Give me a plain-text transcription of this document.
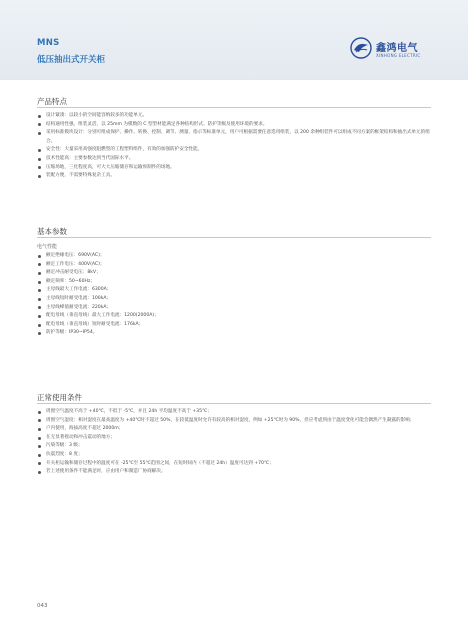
MNS
低压抽出式开关柜
鑫鸿电气
XINHONG ELECTRIC
产品特点
设计紧凑：以较小的空间能容纳较多的功能单元。
结构通用性强，组装灵活，以 25mm 为模数的 C 型型材能满足各种结构形式、防护等级及使用环境的要求。
采用标准模块设计：分别可组成保护、操作、转换、控制、调节、测量、指示等标准单元，用户可根据需要任意选用组装，以 200 余种组装件可以组成不同方案的框架结构和抽出式单元的组合。
安全性：大量采用高强度阻燃型的工程塑料组件，有效的加强防护安全性能。
技术性能高：主要参数达到当代国际水平。
压缩场地，三化程度高，可大大压缩储存和运输预制件的场地。
装配方便，不需要特殊复杂工具。
基本参数
电气性能
额定绝缘电压：690V(AC)；
额定工作电压：400V(AC)；
额定冲击耐受电压：8kV；
额定频率：50~60Hz；
主母线最大工作电流：6300A；
主母线短时耐受电流：100kA；
主母线峰值耐受电流：220kA；
配电母线（垂直母线）最大工作电流：1200(2000A)；
配电母线（垂直母线）短时耐受电流：176kA；
防护等级：IP30~IP54。
正常使用条件
周围空气温度不高于 +40℃，不低于 -5℃，并且 24h 平均温度不高于 +35℃；
周围空气湿度：相对湿度在最高温度为 +40℃时不超过 50%，在较低温度时允许有较高的相对湿度，例如 +25℃时为 90%，但应考虑到由于温度变化可能会偶然产生凝露的影响；
户内使用，海拔高度不超过 2000m；
在无显著摇动和冲击震动的地方；
污染等级：3 级；
抗震烈度：8 度；
开关柜运输和储存过程中的温度可在 -25℃至 55℃范围之间，在短时间内（不超过 24h）温度可达到 +70℃；
若上述使用条件不能满足时，应由用户和制造厂协商解决。
043
